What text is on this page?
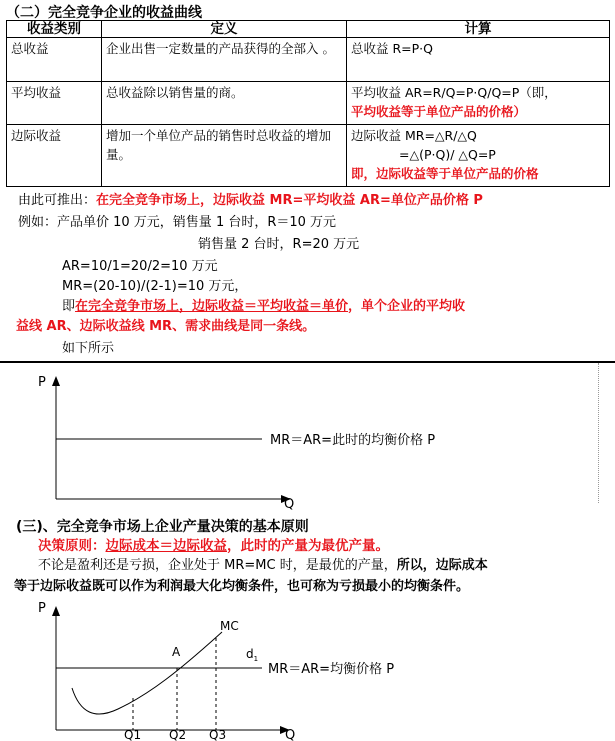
（二）完全竞争企业的收益曲线
收益类别	定义	计算
总收益	企业出售一定数量的产品获得的全部入 。	总收益 R=P·Q
平均收益	总收益除以销售量的商。	平均收益 AR=R/Q=P·Q/Q=P（即，
平均收益等于单位产品的价格）

边际收益	增加一个单位产品的销售时总收益的增加量。	边际收益 MR=△R/△Q
=△(P·Q)/ △Q=P
即，边际收益等于单位产品的价格
由此可推出：在完全竞争市场上，边际收益 MR=平均收益 AR=单位产品价格 P
例如：产品单价 10 万元，销售量 1 台时，R＝10 万元
销售量 2 台时，R=20 万元
AR=10/1=20/2=10 万元
MR=(20-10)/(2-1)=10 万元，
即在完全竞争市场上，边际收益＝平均收益＝单价，单个企业的平均收
益线 AR、边际收益线 MR、需求曲线是同一条线。
如下所示
P
Q
MR＝AR=此时的均衡价格 P
(三)、完全竞争市场上企业产量决策的基本原则
决策原则：边际成本＝边际收益，此时的产量为最优产量。
不论是盈利还是亏损，企业处于 MR=MC 时，是最优的产量，所以，边际成本
等于边际收益既可以作为利润最大化均衡条件，也可称为亏损最小的均衡条件。
P
Q
MC
A	$d_1$
MR＝AR=均衡价格 P
Q1 Q2 Q3
